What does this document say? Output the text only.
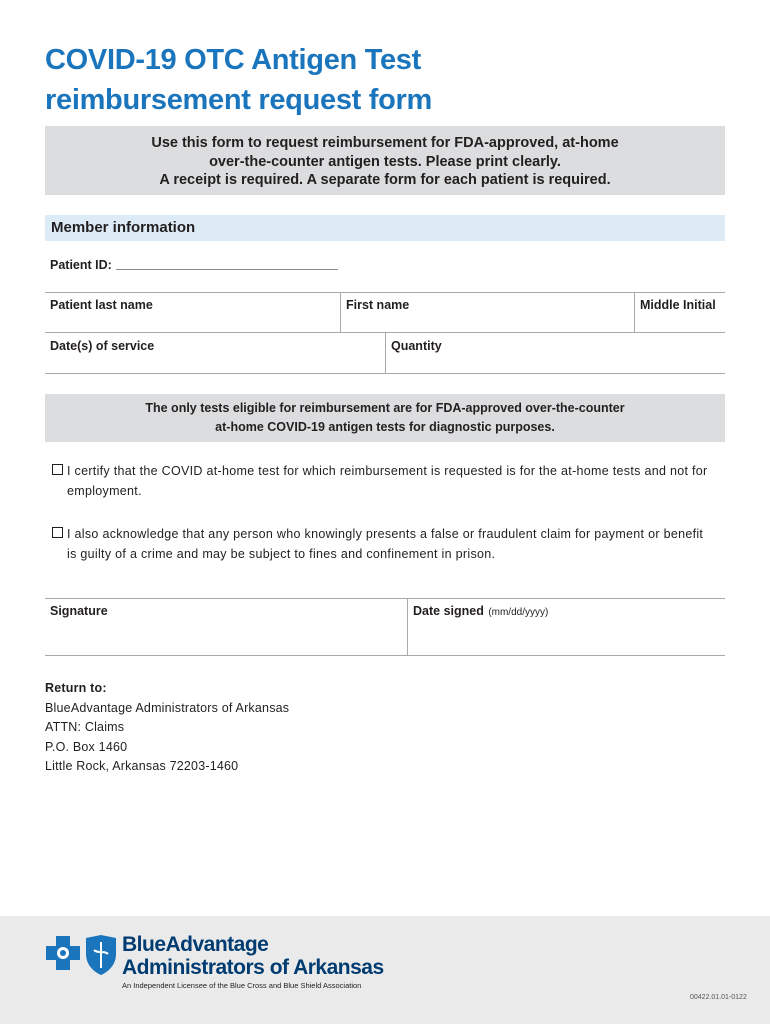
COVID-19 OTC Antigen Test
reimbursement request form
Use this form to request reimbursement for FDA-approved, at-home
over-the-counter antigen tests. Please print clearly.
A receipt is required. A separate form for each patient is required.
Member information
Patient ID:
Patient last name	First name	Middle Initial
Date(s) of service	Quantity
The only tests eligible for reimbursement are for FDA-approved over-the-counter
at-home COVID-19 antigen tests for diagnostic purposes.
I certify that the COVID at-home test for which reimbursement is requested is for the at-home tests and not for
employment.
I also acknowledge that any person who knowingly presents a false or fraudulent claim for payment or benefit
is guilty of a crime and may be subject to fines and confinement in prison.
Signature	Date signed (mm/dd/yyyy)
Return to:
BlueAdvantage Administrators of Arkansas
ATTN: Claims
P.O. Box 1460
Little Rock, Arkansas 72203-1460
BlueAdvantage
Administrators of Arkansas
An Independent Licensee of the Blue Cross and Blue Shield Association
00422.01.01-0122
